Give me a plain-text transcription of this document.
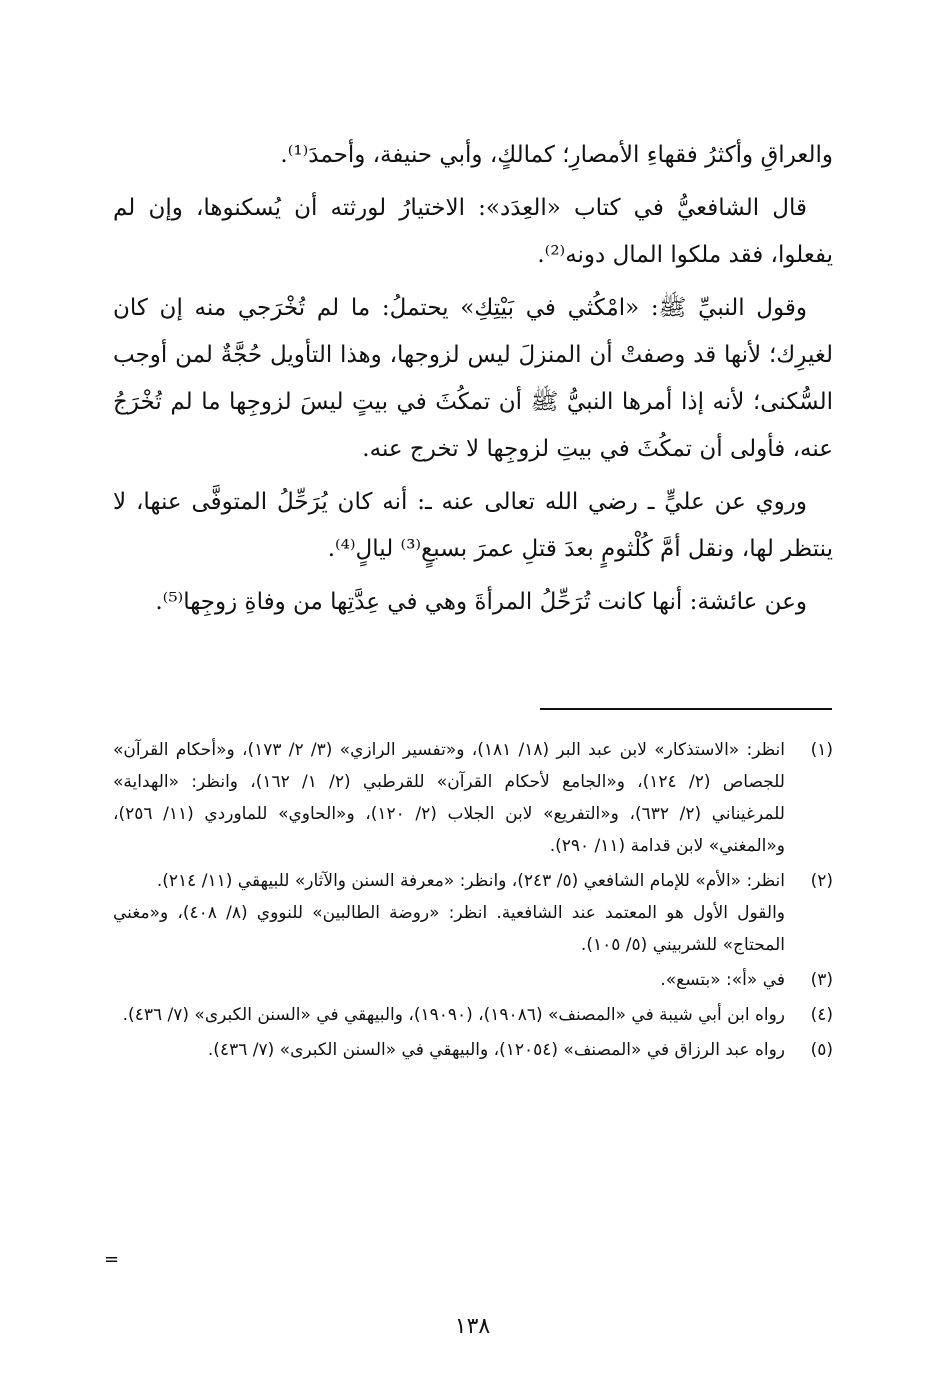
والعراقِ وأكثرُ فقهاءِ الأمصارِ؛ كمالكٍ، وأبي حنيفة، وأحمدَ⁽¹⁾.

قال الشافعيُّ في كتاب «العِدَد»: الاختيارُ لورثته أن يُسكنوها، وإن لم يفعلوا، فقد ملكوا المال دونه⁽²⁾.

وقول النبيِّ ﷺ: «امْكُثي في بَيْتِكِ» يحتملُ: ما لم تُخْرَجي منه إن كان لغيرِك؛ لأنها قد وصفتْ أن المنزلَ ليس لزوجها، وهذا التأويل حُجَّةٌ لمن أوجب السُّكنى؛ لأنه إذا أمرها النبيُّ ﷺ أن تمكُثَ في بيتٍ ليسَ لزوجِها ما لم تُخْرَجُ عنه، فأولى أن تمكُثَ في بيتِ لزوجِها لا تخرج عنه.

وروي عن عليٍّ ـ رضي الله تعالى عنه ـ: أنه كان يُرَحِّلُ المتوفَّى عنها، لا ينتظر لها، ونقل أمَّ كُلْثومٍ بعدَ قتلِ عمرَ بسبعٍ⁽³⁾ ليالٍ⁽⁴⁾.

وعن عائشة: أنها كانت تُرَحِّلُ المرأةَ وهي في عِدَّتِها من وفاةِ زوجِها⁽⁵⁾.

(١)

انظر: «الاستذكار» لابن عبد البر (١٨/ ١٨١)، و«تفسير الرازي» (٣/ ٢/ ١٧٣)، و«أحكام القرآن» للجصاص (٢/ ١٢٤)، و«الجامع لأحكام القرآن» للقرطبي (٢/ ١/ ١٦٢)، وانظر: «الهداية» للمرغيناني (٢/ ٦٣٢)، و«التفريع» لابن الجلاب (٢/ ١٢٠)، و«الحاوي» للماوردي (١١/ ٢٥٦)، و«المغني» لابن قدامة (١١/ ٢٩٠).

(٢)

انظر: «الأم» للإمام الشافعي (٥/ ٢٤٣)، وانظر: «معرفة السنن والآثار» للبيهقي (١١/ ٢١٤).

والقول الأول هو المعتمد عند الشافعية. انظر: «روضة الطالبين» للنووي (٨/ ٤٠٨)، و«مغني المحتاج» للشربيني (٥/ ١٠٥).

(٣)

في «أ»: «بتسع».

(٤)

رواه ابن أبي شيبة في «المصنف» (١٩٠٨٦)، (١٩٠٩٠)، والبيهقي في «السنن الكبرى» (٧/ ٤٣٦).

(٥)

رواه عبد الرزاق في «المصنف» (١٢٠٥٤)، والبيهقي في «السنن الكبرى» (٧/ ٤٣٦).

=
١٣٨
